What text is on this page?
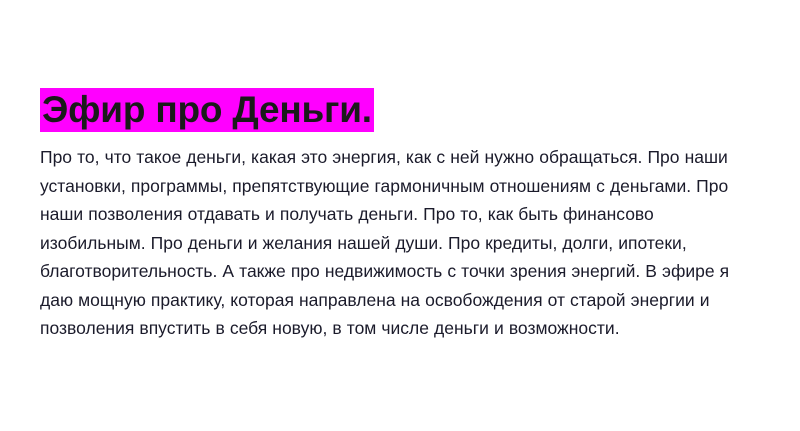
Эфир про Деньги.

Про то, что такое деньги, какая это энергия, как с ней нужно обращаться. Про наши установки, программы, препятствующие гармоничным отношениям с деньгами. Про наши позволения отдавать и получать деньги. Про то, как быть финансово изобильным. Про деньги и желания нашей души. Про кредиты, долги, ипотеки, благотворительность. А также про недвижимость с точки зрения энергий. В эфире я даю мощную практику, которая направлена на освобождения от старой энергии и позволения впустить в себя новую, в том числе деньги и возможности.
